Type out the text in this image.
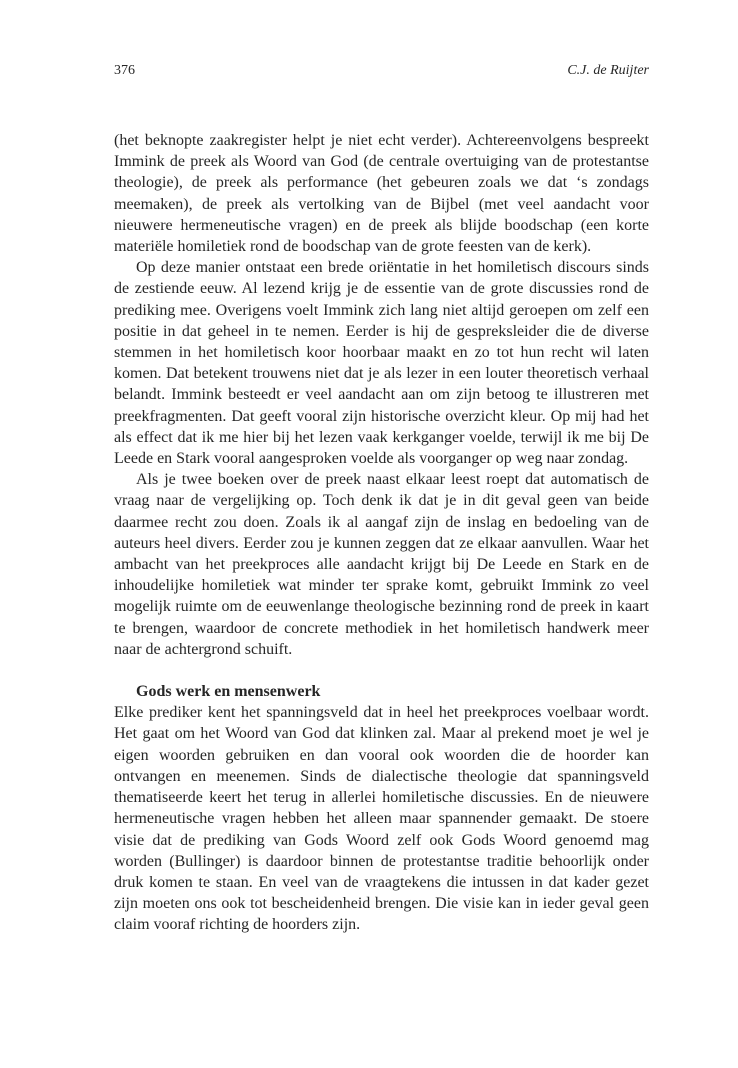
376	C.J. de Ruijter

(het beknopte zaakregister helpt je niet echt verder). Achtereenvolgens bespreekt Immink de preek als Woord van God (de centrale overtuiging van de protestantse theologie), de preek als performance (het gebeuren zoals we dat ‘s zondags meemaken), de preek als vertolking van de Bijbel (met veel aandacht voor nieuwere hermeneutische vragen) en de preek als blijde boodschap (een korte materiële homiletiek rond de boodschap van de grote feesten van de kerk).

Op deze manier ontstaat een brede oriëntatie in het homiletisch discours sinds de zestiende eeuw. Al lezend krijg je de essentie van de grote discussies rond de prediking mee. Overigens voelt Immink zich lang niet altijd geroepen om zelf een positie in dat geheel in te nemen. Eerder is hij de gespreksleider die de diverse stemmen in het homiletisch koor hoorbaar maakt en zo tot hun recht wil laten komen. Dat betekent trouwens niet dat je als lezer in een louter theoretisch verhaal belandt. Immink besteedt er veel aandacht aan om zijn betoog te illustreren met preekfragmenten. Dat geeft vooral zijn historische overzicht kleur. Op mij had het als effect dat ik me hier bij het lezen vaak kerkganger voelde, terwijl ik me bij De Leede en Stark vooral aangesproken voelde als voorganger op weg naar zondag.

Als je twee boeken over de preek naast elkaar leest roept dat automatisch de vraag naar de vergelijking op. Toch denk ik dat je in dit geval geen van beide daarmee recht zou doen. Zoals ik al aangaf zijn de inslag en bedoeling van de auteurs heel divers. Eerder zou je kunnen zeggen dat ze elkaar aanvullen. Waar het ambacht van het preekproces alle aandacht krijgt bij De Leede en Stark en de inhoudelijke homiletiek wat minder ter sprake komt, gebruikt Immink zo veel mogelijk ruimte om de eeuwenlange theologische bezinning rond de preek in kaart te brengen, waardoor de concrete methodiek in het homiletisch handwerk meer naar de achtergrond schuift.

Gods werk en mensenwerk

Elke prediker kent het spanningsveld dat in heel het preekproces voelbaar wordt. Het gaat om het Woord van God dat klinken zal. Maar al prekend moet je wel je eigen woorden gebruiken en dan vooral ook woorden die de hoorder kan ontvangen en meenemen. Sinds de dialectische theologie dat spanningsveld thematiseerde keert het terug in allerlei homiletische discussies. En de nieuwere hermeneutische vragen hebben het alleen maar spannender gemaakt. De stoere visie dat de prediking van Gods Woord zelf ook Gods Woord genoemd mag worden (Bullinger) is daardoor binnen de protestantse traditie behoorlijk onder druk komen te staan. En veel van de vraagtekens die intussen in dat kader gezet zijn moeten ons ook tot bescheidenheid brengen. Die visie kan in ieder geval geen claim vooraf richting de hoorders zijn.
